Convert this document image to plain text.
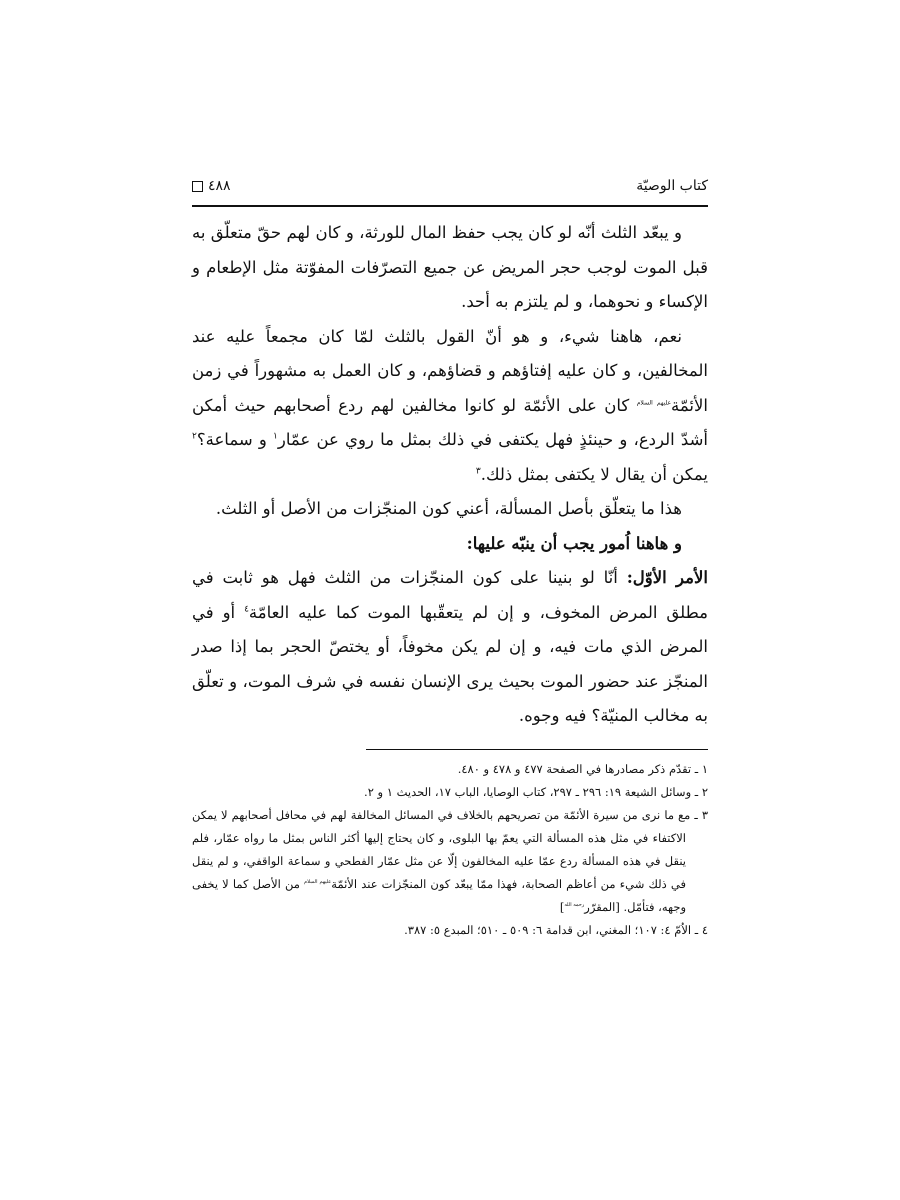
كتاب الوصيّة
٤٨٨

و يبعّد الثلث أنّه لو كان يجب حفظ المال للورثة، و كان لهم حقّ متعلّق به قبل الموت لوجب حجر المريض عن جميع التصرّفات المفوّتة مثل الإطعام و الإكساء و نحوهما، و لم يلتزم به أحد.

نعم، هاهنا شيء، و هو أنّ القول بالثلث لمّا كان مجمعاً عليه عند المخالفين، و كان عليه إفتاؤهم و قضاؤهم، و كان العمل به مشهوراً في زمن الأئمّة$^{عليهم السلام}$ كان على الأئمّة لو كانوا مخالفين لهم ردع أصحابهم حيث أمكن أشدّ الردع، و حينئذٍ فهل يكتفى في ذلك بمثل ما روي عن عمّار$^١$ و سماعة؟$^٢$ يمكن أن يقال لا يكتفى بمثل ذلك.$^٣$

هذا ما يتعلّق بأصل المسألة، أعني كون المنجّزات من الأصل أو الثلث.

و هاهنا اُمور يجب أن ينبّه عليها:

الأمر الأوّل: أنّا لو بنينا على كون المنجّزات من الثلث فهل هو ثابت في مطلق المرض المخوف، و إن لم يتعقّبها الموت كما عليه العامّة$^٤$ أو في المرض الذي مات فيه، و إن لم يكن مخوفاً، أو يختصّ الحجر بما إذا صدر المنجّز عند حضور الموت بحيث يرى الإنسان نفسه في شرف الموت، و تعلّق به مخالب المنيّة؟ فيه وجوه.

١ ـ تقدّم ذكر مصادرها في الصفحة ٤٧٧ و ٤٧٨ و ٤٨٠.

٢ ـ وسائل الشيعة ١٩: ٢٩٦ ـ ٢٩٧، كتاب الوصايا، الباب ١٧، الحديث ١ و ٢.

٣ ـ مع ما نرى من سيرة الأئمّة من تصريحهم بالخلاف في المسائل المخالفة لهم في محافل أصحابهم لا يمكن الاكتفاء في مثل هذه المسألة التي يعمّ بها البلوى، و كان يحتاج إليها أكثر الناس بمثل ما رواه عمّار، فلم ينقل في هذه المسألة ردع عمّا عليه المخالفون إلّا عن مثل عمّار الفطحي و سماعة الواقفي، و لم ينقل في ذلك شيء من أعاظم الصحابة، فهذا ممّا يبعّد كون المنجّزات عند الأئمّة$^{عليهم السلام}$ من الأصل كما لا يخفى وجهه، فتأمّل. [المقرّر$^{رحمه الله}$]

٤ ـ الاُمّ ٤: ١٠٧؛ المغني، ابن قدامة ٦: ٥٠٩ ـ ٥١٠؛ المبدع ٥: ٣٨٧.
